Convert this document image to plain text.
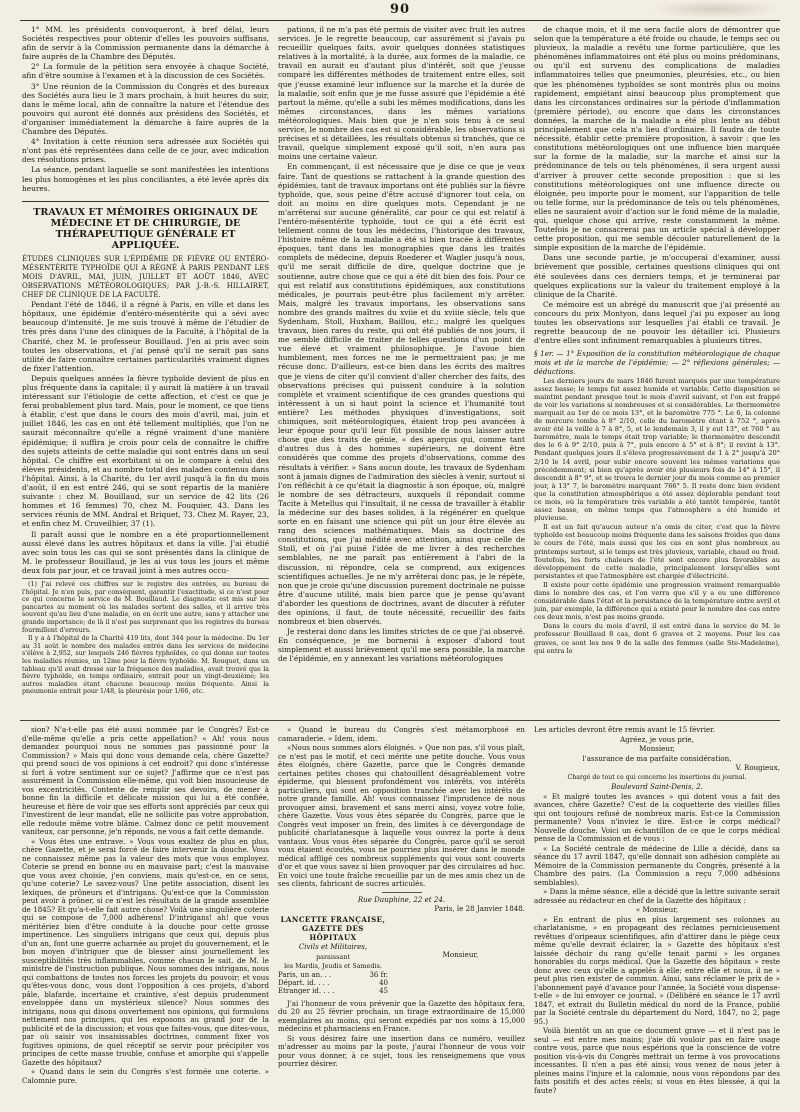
90

1° MM. les présidents convoqueront, à bref délai, leurs Sociétés respectives pour obtenir d'elles les pouvoirs suffisans, afin de servir à la Commission permanente dans la démarche à faire auprès de la Chambre des Députés.

2° La formule de la pétition sera envoyée à chaque Société, afin d'être soumise à l'examen et à la discussion de ces Sociétés.

3° Une réunion de la Commission du Congrès et des bureaux des Sociétés aura lieu le 3 mars prochain, à huit heures du soir, dans le même local, afin de connaître la nature et l'étendue des pouvoirs qui auront été donnés aux présidens des Sociétés, et d'organiser immédiatement la démarche à faire auprès de la Chambre des Députés.

4° Invitation à cette réunion sera adressée aux Sociétés qui n'ont pas été représentées dans celle de ce jour, avec indication des résolutions prises.

La séance, pendant laquelle se sont manifestées les intentions les plus homogènes et les plus conciliantes, a été levée après dix heures.

TRAVAUX ET MÉMOIRES ORIGINAUX DE MÉDECINE ET DE CHIRURGIE, DE THÉRAPEUTIQUE GÉNÉRALE ET APPLIQUÉE.

ÉTUDES CLINIQUES SUR L'ÉPIDÉMIE DE FIÈVRE OU ENTÉRO-MÉSENTÉRITE TYPHOÏDE QUI A RÉGNÉ À PARIS PENDANT LES MOIS D'AVRIL, MAI, JUIN, JUILLET ET AOÛT 1846, AVEC OBSERVATIONS MÉTÉOROLOGIQUES; PAR J.-B.-S. HILLAIRET, CHEF DE CLINIQUE DE LA FACULTÉ.

Pendant l'été de 1846, il a régné à Paris, en ville et dans les hôpitaux, une épidémie d'entéro-mésentérite qui a sévi avec beaucoup d'intensité. Je me suis trouvé à même de l'étudier de très près dans l'une des cliniques de la Faculté, à l'hôpital de la Charité, chez M. le professeur Bouillaud. J'en ai pris avec soin toutes les observations, et j'ai pensé qu'il ne serait pas sans utilité de faire connaître certaines particularités vraiment dignes de fixer l'attention.

Depuis quelques années la fièvre typhoïde devient de plus en plus fréquente dans la capitale; il y aurait là matière à un travail intéressant sur l'étiologie de cette affection, et c'est ce que je ferai probablement plus tard. Mais, pour le moment, ce que tiens à établir, c'est que dans le cours des mois d'avril, mai, juin et juillet 1846, les cas en ont été tellement multipliés, que l'on ne saurait méconnaître qu'elle a régné vraiment d'une manière épidémique; il suffira je crois pour cela de connaître le chiffre des sujets atteints de cette maladie qui sont entrés dans un seul hôpital. Ce chiffre est exorbitant si on le compare à celui des élèves présidents, et au nombre total des malades contenus dans l'hôpital. Ainsi, à la Charité, du 1er avril jusqu'à la fin du mois d'août, il en est entré 246, qui se sont répartis de la manière suivante : chez M. Bouillaud, sur un service de 42 lits (26 hommes et 16 femmes) 70, chez M. Fouquier, 43. Dans les services réunis de MM. Andral et Briquet, 73. Chez M. Rayer, 23, et enfin chez M. Cruveilhier, 37 (1).

Il paraît aussi que le nombre en a été proportionnellement aussi élevé dans les autres hôpitaux et dans la ville. J'ai étudié avec soin tous les cas qui se sont présentés dans la clinique de M. le professeur Bouillaud, je les ai vus tous les jours et même deux fois par jour, et ce travail joint à mes autres occu-

(1) J'ai relevé ces chiffres sur le registre des entrées, au bureau de l'hôpital. Je n'en puis, par conséquent, garantir l'exactitude, si ce n'est pour ce qui concerne le service de M. Bouillaud. Le diagnostic est mis sur les pancartes au moment où les malades sortent des salles, et il arrive très souvent qu'au lieu d'une maladie, on en écrit une autre, sans y attacher une grande importance; de là il n'est pas surprenant que les registres du bureau fourmillent d'erreurs.

Il y a à l'hôpital de la Charité 419 lits, dont 344 pour la médecine. Du 1er au 31 août le nombre des malades entrés dans les services de médecine s'élève à 2,952, sur lesquels 246 fièvres typhoïdes, ce qui donne sur toutes les maladies réunies, un 12me pour la fièvre typhoïde. M. Rouquet, dans un tableau qu'il avait dressé sur la fréquence des maladies, avait trouvé que la fièvre typhoïde, en temps ordinaire, entrait pour un vingt-deuxième; les autres maladies étant chacune beaucoup moins fréquente. Ainsi la pneumonie entrait pour 1/48, la pleurésie pour 1/66, etc.

pations, il ne m'a pas été permis de visiter avec fruit les autres services. Je le regrette beaucoup, car assurément si j'avais pu recueillir quelques faits, avoir quelques données statistiques relatives à la mortalité, à la durée, aux formes de la maladie, ce travail en aurait eu d'autant plus d'intérêt, soit que j'eusse comparé les différentes méthodes de traitement entre elles, soit que j'eusse examiné leur influence sur la marche et la durée de la maladie, soit enfin que je me fusse assuré que l'épidémie a été partout la même, qu'elle a subi les mêmes modifications, dans les mêmes circonstances, dans les mêmes variations météorologiques. Mais bien que je n'en sois tenu à ce seul service, le nombre des cas est si considérable, les observations si précises et si détaillées, les résultats obtenus si tranchés, que ce travail, quelque simplement exposé qu'il soit, n'en aura pas moins une certaine valeur.

En commençant, il est nécessaire que je dise ce que je veux faire. Tant de questions se rattachent à la grande question des épidémies, tant de travaux importans ont été publiés sur la fièvre typhoïde, que, sous peine d'être accusé d'ignorer tout cela, on doit au moins en dire quelques mots. Cependant je ne m'arrêterai sur aucune généralité, car pour ce qui est relatif à l'entéro-mésentérite typhoïde, tout ce qui a été écrit est tellement connu de tous les médecins, l'historique des travaux, l'histoire même de la maladie a été si bien tracée à différentes époques, tant dans les monographies que dans les traités complets de médecine, depuis Roederer et Wagler jusqu'à nous, qu'il me serait difficile de dire, quelque doctrine que je soutienne, autre chose que ce qui a été dit bien des fois. Pour ce qui est relatif aux constitutions épidémiques, aux constitutions médicales, je pourrais peut-être plus facilement m'y arrêter. Mais, malgré les travaux importans, les observations sans nombre des grands maîtres du xviie et du xviiie siècle, tels que Sydenham, Stoll, Huxham, Baillou, etc.; malgré les quelques travaux, bien rares du reste, qui ont été publiés de nos jours, il me semble difficile de traiter de telles questions d'un point de vue élevé et vraiment philosophique. Je l'avoue bien humblement, mes forces ne me le permettraient pas; je me récuse donc. D'ailleurs, est-ce bien dans les écrits des maîtres que je viens de citer qu'il convient d'aller chercher des faits, des observations précises qui puissent conduire à la solution complète et vraiment scientifique de ces grandes questions qui intéressent à un si haut point la science et l'humanité tout entière? Les méthodes physiques d'investigations, soit chimiques, soit météorologiques, étaient trop peu avancées à leur époque pour qu'il leur fût possible de nous laisser autre chose que des traits de génie, « des aperçus qui, comme tant d'autres dus à des hommes supérieurs, ne doivent être considérés que comme des projets d'observations, comme des résultats à vérifier. » Sans aucun doute, les travaux de Sydenham sont à jamais dignes de l'admiration des siècles à venir, surtout si l'on réfléchit à ce qu'était la diagnostic à son époque, où, malgré le nombre de ses détracteurs, auxquels il répondait comme Tacite à Metellus qui l'insultait, il ne cessa de travailler à établir la médecine sur des bases solides, à la régénérer en quelque sorte en en faisant une science qui pût un jour être élevée au rang des sciences mathématiques. Mais sa doctrine des constitutions, que j'ai médité avec attention, ainsi que celle de Stoll, et où j'ai puisé l'idée de me livrer à des recherches semblables, ne me paraît pas entièrement à l'abri de la discussion, ni répondre, cela se comprend, aux exigences scientifiques actuelles. Je ne m'y arrêterai donc pas, je le répète, non que je croie qu'une discussion purement doctrinale ne puisse être d'aucune utilité, mais bien parce que je pense qu'avant d'aborder les questions de doctrines, avant de discuter à réfuter des opinions, il faut, de toute nécessité, recueillir des faits nombreux et bien observés.

Je resterai donc dans les limites strictes de ce que j'ai observé. En conséquence, je me bornerai à exposer d'abord tout simplement et aussi brièvement qu'il me sera possible, la marche de l'épidémie, en y annexant les variations météorologiques

de chaque mois, et il me sera facile alors de démontrer que selon que la température a été froide ou chaude, le temps sec ou pluvieux, la maladie a revêtu une forme particulière, que les phénomènes inflammatoires ont été plus ou moins prédominans, ou qu'il est survenu des complications de maladies inflammatoires telles que pneumonies, pleurésies, etc., ou bien que les phénomènes typhoïdes se sont montrés plus ou moins rapidement, empiétant ainsi beaucoup plus promptement que dans les circonstances ordinaires sur la période d'inflammation (première période), ou encore que dans les circonstances données, la marche de la maladie a été plus lente au début principalement que cela n'a lieu d'ordinaire. Il faudra de toute nécessité, établir cette première proposition, à savoir : que les constitutions météorologiques ont une influence bien marquée sur la forme de la maladie, sur la marche et ainsi sur la prédominance de tels ou tels phénomènes, il sera urgent aussi d'arriver à prouver cette seconde proposition : que si les constitutions météorologiques ont une influence directe ou éloignée, peu importe pour le moment, sur l'apparition de telle ou telle forme, sur la prédominance de tels ou tels phénomènes, elles ne sauraient avoir d'action sur le fond même de la maladie, qui, quelque chose qui arrive, reste constamment la même. Toutefois je ne consacrerai pas un article spécial à développer cette proposition, qui me semble découler naturellement de la simple exposition de la marche de l'épidémie.

Dans une seconde partie, je m'occuperai d'examiner, aussi brièvement que possible, certaines questions cliniques qui ont été soulevées dans ces derniers temps, et je terminerai par quelques explications sur la valeur du traitement employé à la clinique de la Charité.

Ce mémoire est un abrégé du manuscrit que j'ai présenté au concours du prix Montyon, dans lequel j'ai pu exposer au long toutes les observations sur lesquelles j'ai établi ce travail. Je regrette beaucoup de ne pouvoir les détailler ici. Plusieurs d'entre elles sont infiniment remarquables à plusieurs titres.

§ 1er. — 1° Exposition de la constitution météorologique de chaque mois et de la marche de l'épidémie; — 2° réflexions générales; — déductions.

Les derniers jours de mars 1846 furent marqués par une température assez basse; le temps fut assez humide et variable. Cette disposition se maintint pendant presque tout le mois d'avril suivant, et l'on est frappé de voir les variations si nombreuses et si considérables. Le thermomètre marquait au 1er de ce mois 13°, et le baromètre 775 °. Le 6, la colonne de mercure tomba à 8° 2/10, celle du baromètre étant à 752 °, après avoir été la veille à 7 à 8°, 5, et le lendemain 3, il y eut 13°, et 760 ° au baromètre, mais le temps était trop variable; le thermomètre descendit des le 6 à 9° 2/10, puis à 7°, puis encore à 5° et à 8°; il revint à 13°. Pendant quelques jours il s'éleva progressivement de 1 à 2° jusqu'à 20° 2/10 le 14 avril, pour subir encore souvent les mêmes variations que précédemment; si bien qu'après avoir été plusieurs fois de 14° à 15°, il descendit à 8° 9°, et se trouva le dernier jour du mois comme au premier jour, à 13° 7, le baromètre marquant 766° 5. Il reste donc bien évident que la constitution atmosphérique a été assez déplorable pendant tout ce mois, où la température très variable a été tantôt tempérée, tantôt assez basse, en même temps que l'atmosphère a été humide et pluvieuse.

Il est un fait qu'aucun auteur n'a omis de citer, c'est que la fièvre typhoïde est beaucoup moins fréquente dans les saisons froides que dans le cours de l'été, mais aussi que les cas en sont plus nombreux au printemps surtout, si le temps est très pluvieux, variable, chaud ou froid. Toutefois, les forts chaleurs de l'été sont encore plus favorables au développement de cette maladie, principalement lorsqu'elles sont persistantes et que l'atmosphère est chargée d'électricité.

Il existe pour cette épidémie une progression vraiment remarquable dans le nombre des cas, et l'on verra que s'il y a eu une différence considérable dans l'état et la persistance de la température entre avril et juin, par exemple, la différence qui a existé pour le nombre des cas entre ces deux mois, n'est pas moins grande.

Dans le cours du mois d'avril, il est entré dans le service de M. le professeur Bouillaud 8 cas, dont 6 graves et 2 moyens. Pour les cas graves, ce sont les nos 9 de la salle des femmes (salle Ste-Madeleine), qui entra le

sion? N'a-t-elle pas été aussi nommée par le Congrès? Est-ce d'elle-même qu'elle a pris cette appellation? « Ah! vous nous demandez pourquoi nous ne sommes pas passionné pour la Commission? » Mais qui donc vous demande cela, chère Gazette? qui prend souci de vos opinions à cet endroit? qui donc s'intéresse si fort à votre sentiment sur ce sujet? J'affirme que ce n'est pas assurément la Commission elle-même, qui voit bien insoucieuse de vos excentricités. Contente de remplir ses devoirs, de mener à bonne fin la difficile et délicate mission qui lui a été confiée, heureuse et fière de voir que ses efforts sont appréciés par ceux qui l'investirent de leur mandat, elle ne sollicite pas votre approbation, elle redoute même votre blâme. Calmez donc ce petit mouvement vaniteux, car personne, je'n réponds, ne vous a fait cette demande.

« Vous êtes une entrave. » Vous vous exaltez de plus en plus, chère Gazette, et je serai forcé de faire intervenir la douche. Vous ne connaissez même pas la valeur des mots que vous employez. Coterie se prend en bonne ou en mauvaise part; c'est la mauvaise que vous avez choisie, j'en conviens, mais qu'est-ce, en ce sens, qu'une coterie? Le savez-vous? Une petite association, disent les lexiques, de prôneurs et d'intrigans. Qu'est-ce que la Commission peut avoir à prôner, si ce n'est les résultats de la grande assemblée de 1845? Et qu'a-t-elle fait autre chose? Voilà une singulière coterie qui se compose de 7,000 adhérens! D'intrigans! ah! que vous méritériez bien d'être conduite à la douche pour cette grosse impertinence. Les singuliers intrigans que ceux qui, depuis plus d'un an, font une guerre acharnée au projet du gouvernement, et le bon moyen d'intriguer que de blesser ainsi journellement les susceptibilités très inflammables, comme chacun le sait, de M. le ministre de l'instruction publique. Nous sommes des intrigans, nous qui combattons de toutes nos forces les projets du pouvoir; et vous qu'êtes-vous donc, vous dont l'opposition à ces projets, d'abord pâle, blafarde, incertaine et craintive, s'est depuis prudemment enveloppée dans un mystérieux silence? Nous sommes des intrigans, nous qui disons ouvertement nos opinions, qui formulons nettement nos principes, qui les exposons au grand jour de la publicité et de la discussion; et vous que faites-vous, que dites-vous, par où saisir vos insaisissables doctrines, comment fixer vos fugitives opinions, de quel réceptif se servir pour précipiter vos principes de cette masse trouble, confuse et amorphe qui s'appelle Gazette des hôpitaux?

« Quand dans le sein du Congrès s'est formée une coterie. » Calomnie pure.

« Quand le bureau du Congrès s'est métamorphosé en camaraderie. » Idem, idem.

«Nous nous sommes alors éloignés. » Que non pas, s'il vous plaît, ce n'est pas le motif, et ceci mérite une petite douche. Vous vous êtes éloignés, chère Gazette, parce que le Congrès demande certaines petites choses qui chatouillent désagréablement votre épiderme, qui blessent profondément vos intérêts, vos intérêts particuliers, qui sont en opposition tranchée avec les intérêts de notre grande famille. Ah! vous connaissez l'imprudence de nous provoquer ainsi, bravement et sans merci ainsi, voyez votre folie, chère Gazette. Vous vous êtes séparée du Congrès, parce que le Congrès veut imposer un frein, des limites à ce dévergondage de publicité charlatanesque à laquelle vous ouvrez la porte à deux vantaux. Vous vous êtes séparée du Congrès, parce qu'il se seroit vous étaient écoutés, vous ne pourriez plus insérer dans le monde médical affligé ces nombreux suppléments qui vous sont couverts d'or et que vous savez si bien provoquer par des circulaires ad hoc. En voici une toute fraîche recueillie par un de mes amis chez un de ses clients, fabricant de sucres articulés.

Rue Dauphine, 22 et 24.

Paris, le 28 Janvier 1848.

LANCETTE FRANÇAISE,

GAZETTE DES HÔPITAUX

Civils et Militaires,

paraissant

les Mardis, Jeudis et Samedis.

Paris, un an. . .	36 fr.
Départ. id. . . .	40
Etranger id. . . .	45
Monsieur,

J'ai l'honneur de vous prévenir que la Gazette des hôpitaux fera, du 20 au 25 février prochain, un tirage extraordinaire de 15,000 exemplaires au moins, qui seront expédiés par nos soins à 15,000 médecins et pharmaciens en France.

Si vous désirez faire une insertion dans ce numéro, veuillez m'adresser au moins par la poste, j'aurai l'honneur de vous voir pour vous donner, à ce sujet, tous les renseignemens que vous pourriez désirer.

Les articles devront être remis avant le 15 février.

Agréez, je vous prie,

Monsieur,

l'assurance de ma parfaite considération,

V. Rougieux,

Chargé de tout ce qui concerne les insertions du journal.

Boulevard Saint-Denis, 2.

« Et malgré toutes les avances » qui dotent vous a fait des avances, chère Gazette? C'est de la coquetterie des vieilles filles qui ont toujours refusé de nombreux maris. Est-ce la Commission permanente? Vous n'inviez le dire. Est-ce le corps médical? Nouvelle douche. Voici un échantillon de ce que le corps médical pense de la Commission et de vous :

« La Société centrale de médecine de Lille a décidé, dans sa séance du 17 avril 1847, qu'elle donnait son adhésion complète au Mémoire de la Commission permanente du Congrès, présenté à la Chambre des pairs. (La Commission a reçu 7,000 adhésions semblables).

» Dans la même séance, elle a décidé que la lettre suivante serait adressée au rédacteur en chef de la Gazette des hôpitaux :

« Monsieur,

» En entrant de plus en plus largement ses colonnes au charlatanisme, » en propageant des réclames pernicieusement revêtues d'oripeaux scientifiques, afin d'attirer dans le piège ceux même qu'elle devrait éclairer, la » Gazette des hôpitaux s'est laissée déchoir du rang qu'elle tenait parmi » les organes honorables du corps médical. Que la Gazette des hôpitaux » reste donc avec ceux qu'elle a appelés à elle; entre elle et nous, il ne » peut plus rien exister de commun. Ainsi, sans réclamer le prix de » l'abonnement payé d'avance pour l'année, la Société vous dispense-t-elle » de lui envoyer ce journal. » (Délibéré en séance le 17 avril 1847, et extrait du Bulletin médical du nord de la France, publié par la Société centrale du département du Nord, 1847, no 2, page 95.)

Voilà bientôt un an que ce document grave — et il n'est pas le seul — est entre mes mains; j'aie dû vouloir pas en faire usage contre vous, parce que nous espérions que la conscience de votre position vis-à-vis du Congrès mettrait un terme à vos provocations incessantes. Il n'en a pas été ainsi; vous venez de nous jeter à pleines mains l'injure et la calomnie, nous vous répondons par des faits positifs et des actes réels; si vous en êtes blessée, à qui la faute?
